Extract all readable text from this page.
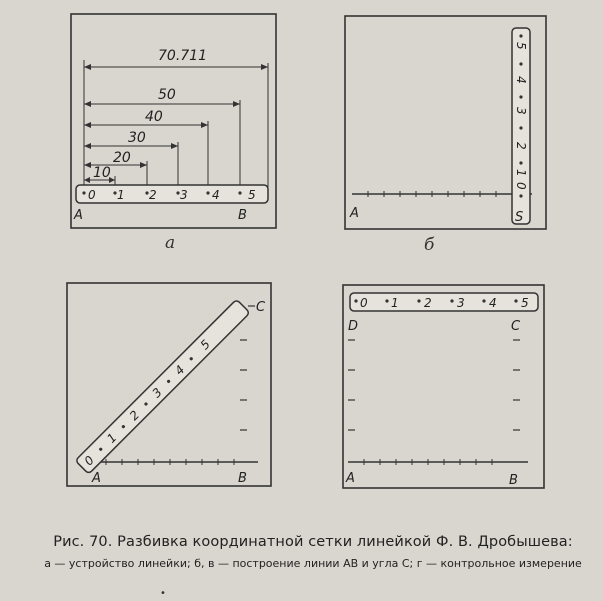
70.711
50
40
30
20
10
0 1 2 3 4 5
A	B
а
0
1
2
3
4
5
A	S
б
0
1
2
3
4
5
A	B
C	0 1 2 3 4 5
D	C
A	B
Рис. 70. Разбивка координатной сетки линейкой Ф. В. Дробышева:
а — устройство линейки; б, в — построение линии AB и угла C; г — контрольное измерение
•
